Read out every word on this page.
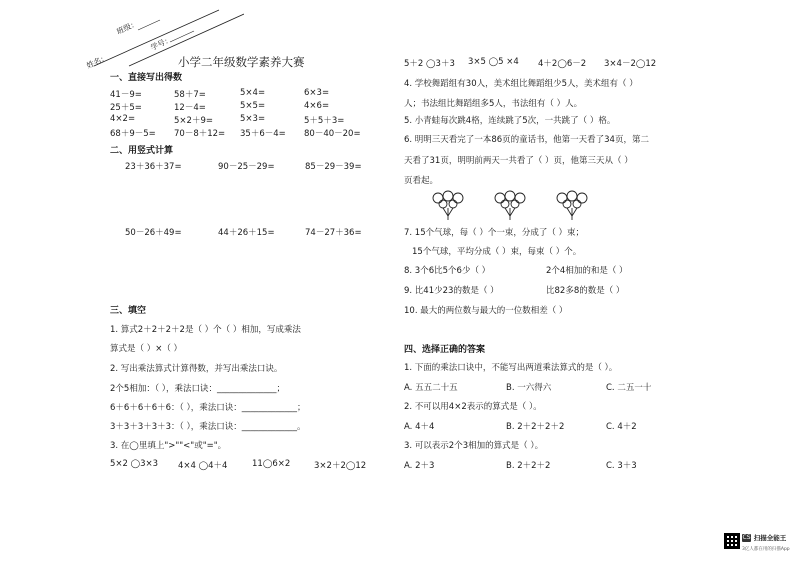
班级：
学号：
姓名：	小学二年级数学素养大赛
一、直接写出得数
41－9=	58＋7=	5×4=	6×3=
25＋5=	12－4=	5×5=	4×6=
4×2=	5×2＋9=	5×3=	5＋5＋3=
68＋9－5= 70－8＋12= 35＋6－4= 80－40－20=
二、用竖式计算
23＋36＋37=	90－25－29=	85－29－39=
50－26＋49=	44＋26＋15=	74－27＋36=
三、填空
1. 算式2＋2＋2＋2是（ ）个（ ）相加，写成乘法
算式是（ ）×（ ）
2. 写出乘法算式计算得数，并写出乘法口诀。
2个5相加：（ ），乘法口诀：______________；
6＋6＋6＋6＋6：（ ），乘法口诀：_____________；
3＋3＋3＋3＋3：（ ），乘法口诀：_____________。
3. 在◯里填上">""<"或"="。
5×2 ◯3×3 4×4 ◯4＋4	11◯6×2	3×2＋2◯12
5＋2 ◯3＋3 3×5 ◯5 ×4 4＋2◯6－2 3×4－2◯12
4. 学校舞蹈组有30人，美术组比舞蹈组少5人，美术组有（ ）
人；书法组比舞蹈组多5人，书法组有（ ）人。
5. 小青蛙每次跳4格，连续跳了5次，一共跳了（ ）格。
6. 明明三天看完了一本86页的童话书，他第一天看了34页，第二
天看了31页，明明前两天一共看了（ ）页，他第三天从（ ）
页看起。
7. 15个气球，每（ ）个一束，分成了（ ）束；
15个气球，平均分成（ ）束，每束（ ）个。
8. 3个6比5个6少（ ）	2个4相加的和是（ ）
9. 比41少23的数是（ ）	比82多8的数是（ ）
10. 最大的两位数与最大的一位数相差（ ）
四、选择正确的答案
1. 下面的乘法口诀中，不能写出两道乘法算式的是（ ）。
A. 五五二十五	B. 一六得六	C. 二五一十
2. 不可以用4×2表示的算式是（ ）。
A. 4＋4	B. 2＋2＋2＋2	C. 4＋2
3. 可以表示2个3相加的算式是（ ）。
A. 2＋3	B. 2＋2＋2	C. 3＋3
CS 扫描全能王
3亿人都在用的扫描App
